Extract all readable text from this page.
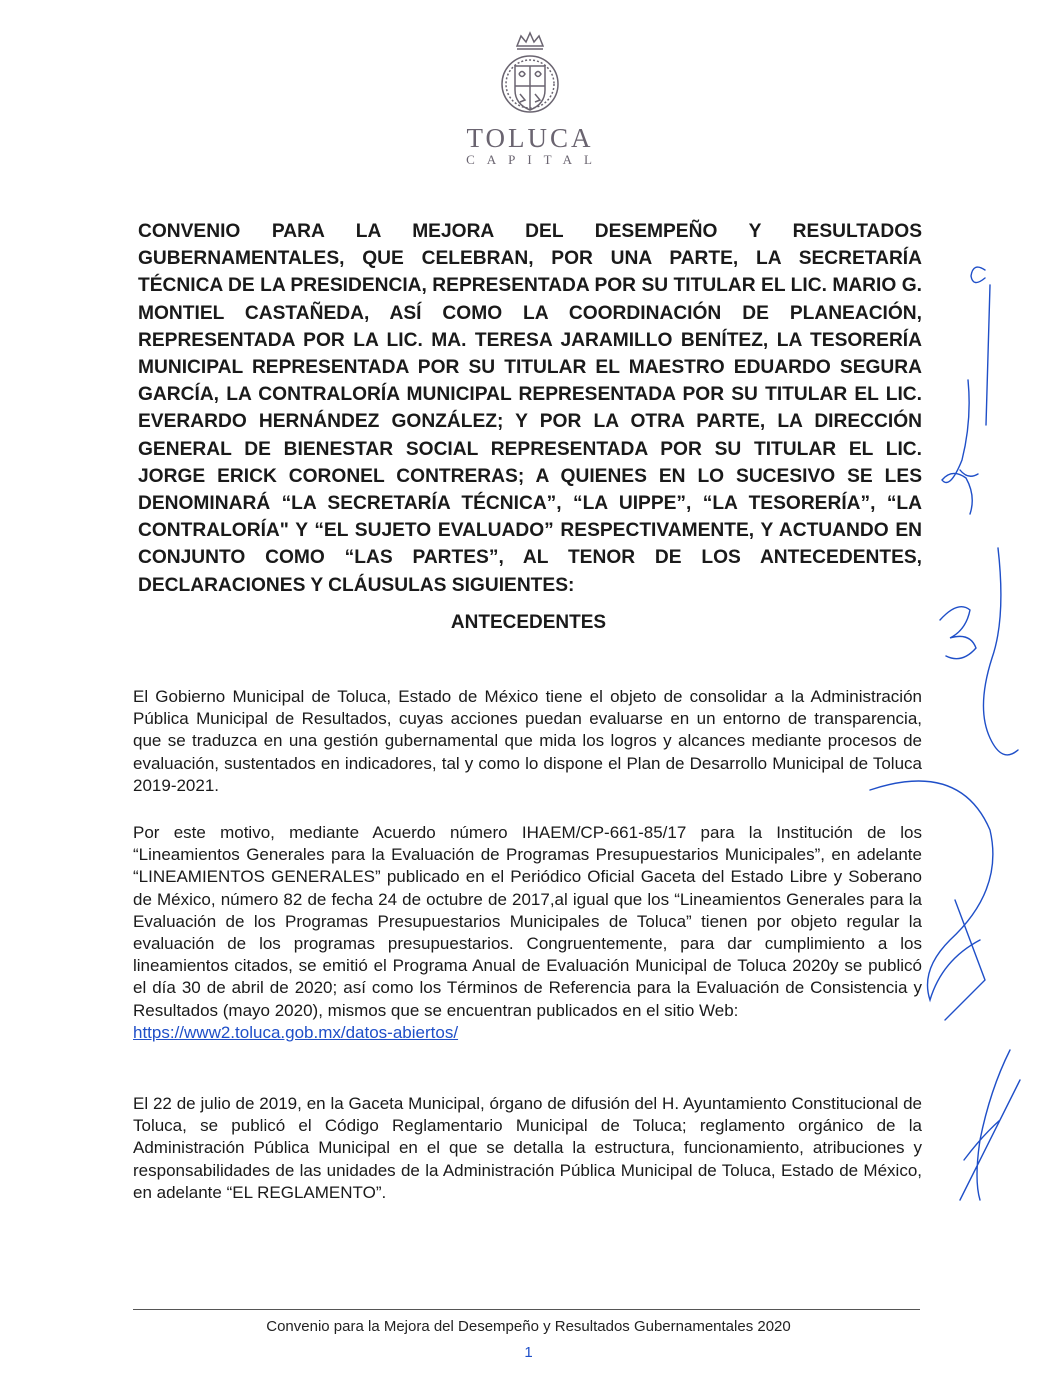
TOLUCA
CAPITAL
CONVENIO PARA LA MEJORA DEL DESEMPEÑO Y RESULTADOS GUBERNAMENTALES, QUE CELEBRAN, POR UNA PARTE, LA SECRETARÍA TÉCNICA DE LA PRESIDENCIA, REPRESENTADA POR SU TITULAR EL LIC. MARIO G. MONTIEL CASTAÑEDA, ASÍ COMO LA COORDINACIÓN DE PLANEACIÓN, REPRESENTADA POR LA LIC. MA. TERESA JARAMILLO BENÍTEZ, LA TESORERÍA MUNICIPAL REPRESENTADA POR SU TITULAR EL MAESTRO EDUARDO SEGURA GARCÍA, LA CONTRALORÍA MUNICIPAL REPRESENTADA POR SU TITULAR EL LIC. EVERARDO HERNÁNDEZ GONZÁLEZ; Y POR LA OTRA PARTE, LA DIRECCIÓN GENERAL DE BIENESTAR SOCIAL REPRESENTADA POR SU TITULAR EL LIC. JORGE ERICK CORONEL CONTRERAS; A QUIENES EN LO SUCESIVO SE LES DENOMINARÁ “LA SECRETARÍA TÉCNICA”, “LA UIPPE”, “LA TESORERÍA”, “LA CONTRALORÍA" Y “EL SUJETO EVALUADO” RESPECTIVAMENTE, Y ACTUANDO EN CONJUNTO COMO “LAS PARTES”, AL TENOR DE LOS ANTECEDENTES, DECLARACIONES Y CLÁUSULAS SIGUIENTES:
ANTECEDENTES

El Gobierno Municipal de Toluca, Estado de México tiene el objeto de consolidar a la Administración Pública Municipal de Resultados, cuyas acciones puedan evaluarse en un entorno de transparencia, que se traduzca en una gestión gubernamental que mida los logros y alcances mediante procesos de evaluación, sustentados en indicadores, tal y como lo dispone el Plan de Desarrollo Municipal de Toluca 2019-2021.

Por este motivo, mediante Acuerdo número IHAEM/CP-661-85/17 para la Institución de los “Lineamientos Generales para la Evaluación de Programas Presupuestarios Municipales”, en adelante “LINEAMIENTOS GENERALES” publicado en el Periódico Oficial Gaceta del Estado Libre y Soberano de México, número 82 de fecha 24 de octubre de 2017,al igual que los “Lineamientos Generales para la Evaluación de los Programas Presupuestarios Municipales de Toluca” tienen por objeto regular la evaluación de los programas presupuestarios. Congruentemente, para dar cumplimiento a los lineamientos citados, se emitió el Programa Anual de Evaluación Municipal de Toluca 2020y se publicó el día 30 de abril de 2020; así como los Términos de Referencia para la Evaluación de Consistencia y Resultados (mayo 2020), mismos que se encuentran publicados en el sitio Web:
https://www2.toluca.gob.mx/datos-abiertos/

El 22 de julio de 2019, en la Gaceta Municipal, órgano de difusión del H. Ayuntamiento Constitucional de Toluca, se publicó el Código Reglamentario Municipal de Toluca; reglamento orgánico de la Administración Pública Municipal en el que se detalla la estructura, funcionamiento, atribuciones y responsabilidades de las unidades de la Administración Pública Municipal de Toluca, Estado de México, en adelante “EL REGLAMENTO”.

Convenio para la Mejora del Desempeño y Resultados Gubernamentales 2020
1
